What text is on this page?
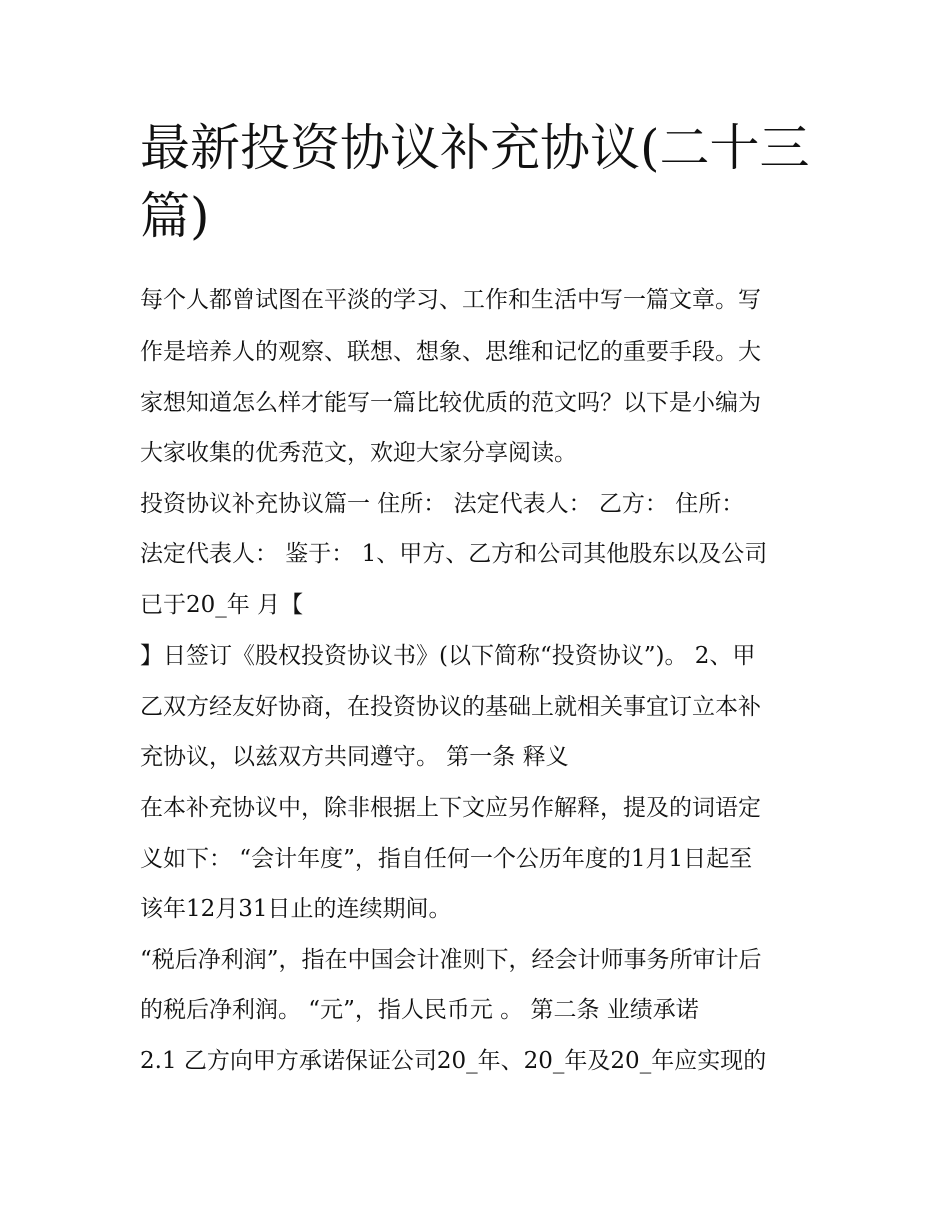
最新投资协议补充协议(二十三
篇)

每个人都曾试图在平淡的学习、工作和生活中写一篇文章。写

作是培养人的观察、联想、想象、思维和记忆的重要手段。大

家想知道怎么样才能写一篇比较优质的范文吗？以下是小编为

大家收集的优秀范文，欢迎大家分享阅读。

投资协议补充协议篇一 住所： 法定代表人： 乙方： 住所：

法定代表人： 鉴于： 1、甲方、乙方和公司其他股东以及公司

已于20_年 月【

】日签订《股权投资协议书》(以下简称“投资协议”)。 2、甲

乙双方经友好协商，在投资协议的基础上就相关事宜订立本补

充协议，以兹双方共同遵守。 第一条 释义

在本补充协议中，除非根据上下文应另作解释，提及的词语定

义如下： “会计年度”，指自任何一个公历年度的1月1日起至

该年12月31日止的连续期间。

“税后净利润”，指在中国会计准则下，经会计师事务所审计后

的税后净利润。 “元”，指人民币元 。 第二条 业绩承诺

2.1 乙方向甲方承诺保证公司20_年、20_年及20_年应实现的
